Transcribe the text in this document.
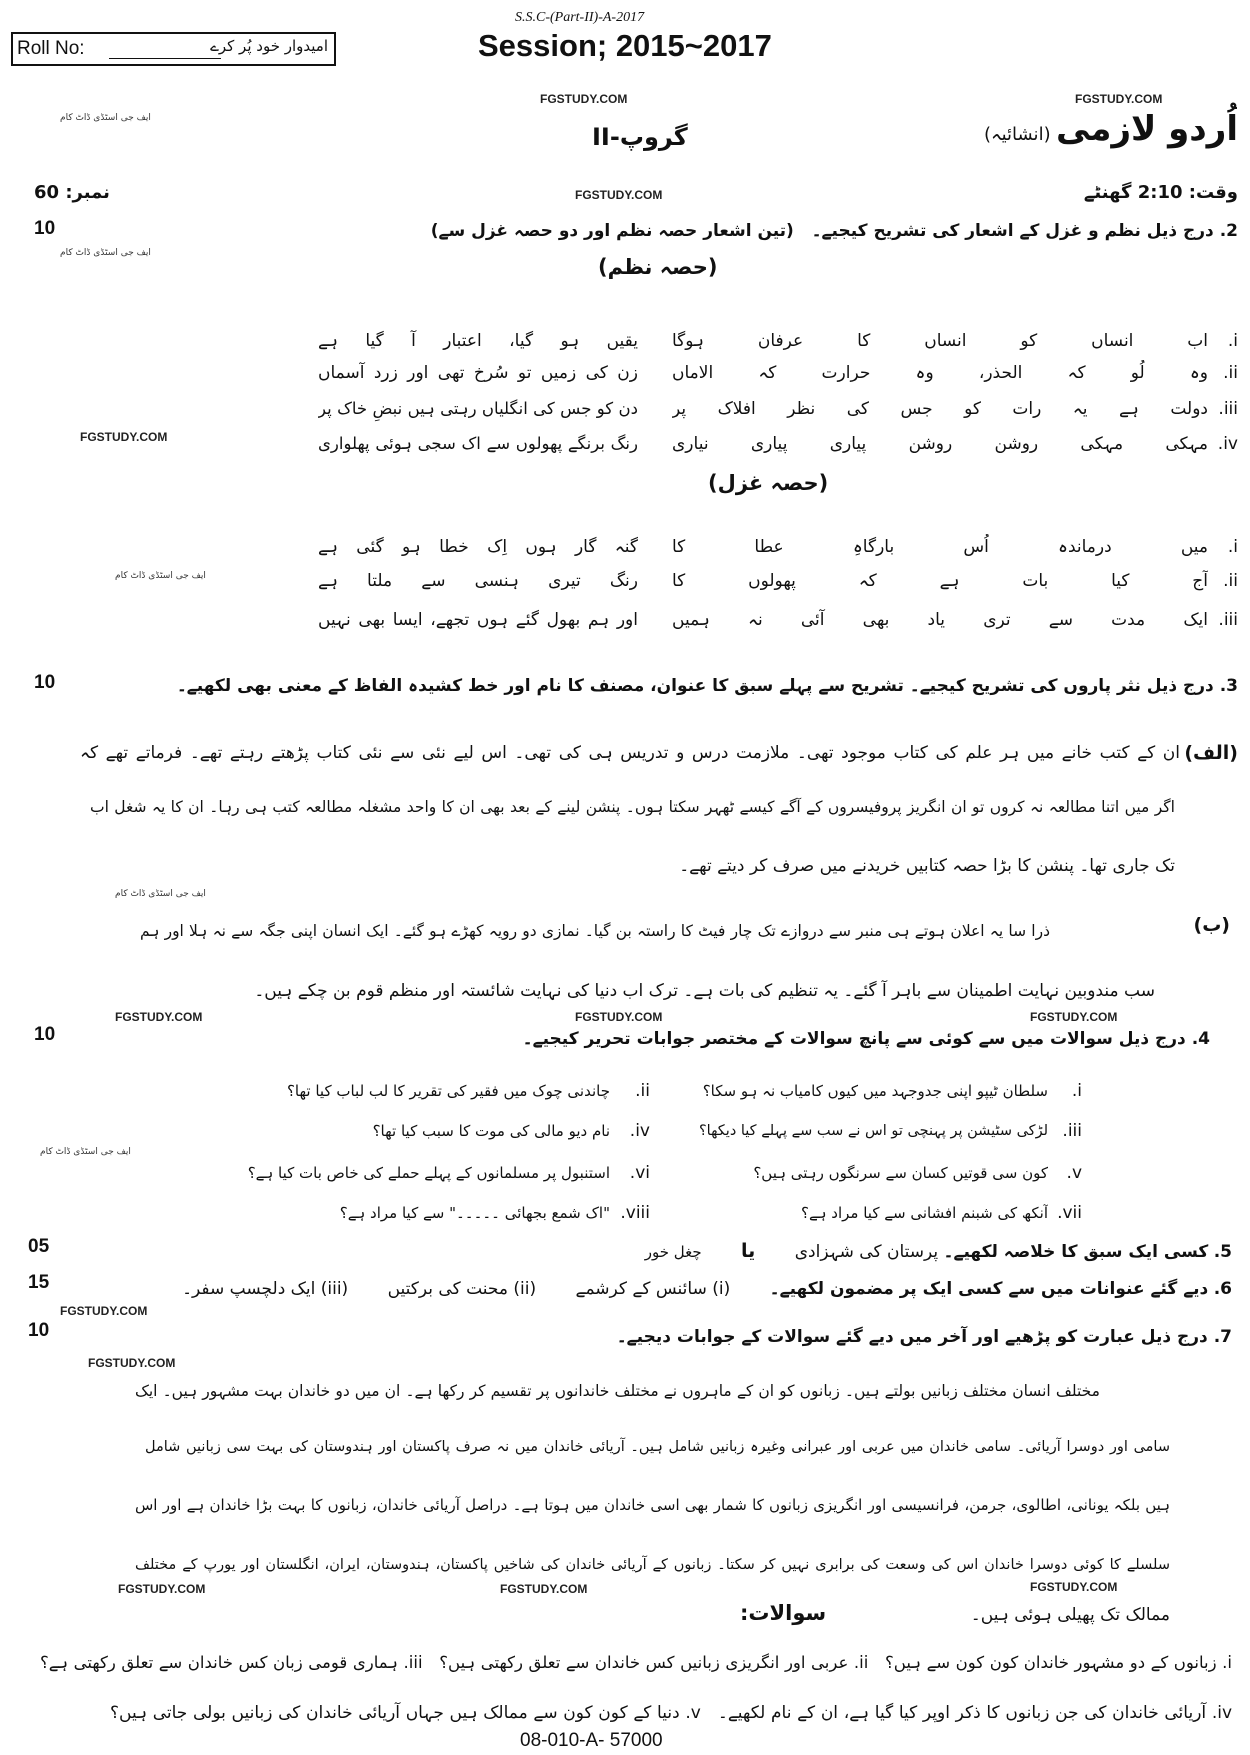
S.S.C-(Part-II)-A-2017
Roll No:	امیدوار خود پُر کرے	Session; 2015~2017
FGSTUDY.COM	FGSTUDY.COM
ایف جی اسٹڈی ڈاٹ کام
گروپ-II	اُردو لازمی (انشائیہ)
نمبر: 60	FGSTUDY.COM	وقت: 2:10 گھنٹے
10	2. درج ذیل نظم و غزل کے اشعار کی تشریح کیجیے۔   (تین اشعار حصہ نظم اور دو حصہ غزل سے)
ایف جی اسٹڈی ڈاٹ کام
(حصہ نظم)
i.
اب انساں کو انساں کا عرفان ہوگا
یقیں ہو گیا، اعتبار آ گیا ہے
ii.
وہ لُو کہ الحذر، وہ حرارت کہ الاماں
زن کی زمیں تو سُرخ تھی اور زرد آسماں
iii.
دولت ہے یہ رات کو جس کی نظر افلاک پر
دن کو جس کی انگلیاں رہتی ہیں نبضِ خاک پر
iv.
مہکی مہکی روشن روشن پیاری پیاری نیاری
رنگ برنگے پھولوں سے اک سجی ہوئی پھلواری
FGSTUDY.COM
(حصہ غزل)
i.
میں درماندہ اُس بارگاہِ عطا کا
گنہ گار ہوں اِک خطا ہو گئی ہے
ii.
آج کیا بات ہے کہ پھولوں کا
رنگ تیری ہنسی سے ملتا ہے
iii.
ایک مدت سے تری یاد بھی آئی نہ ہمیں
اور ہم بھول گئے ہوں تجھے، ایسا بھی نہیں
ایف جی اسٹڈی ڈاٹ کام
10	3. درج ذیل نثر پاروں کی تشریح کیجیے۔ تشریح سے پہلے سبق کا عنوان، مصنف کا نام اور خط کشیدہ الفاظ کے معنی بھی لکھیے۔
(الف)
ان کے کتب خانے میں ہر علم کی کتاب موجود تھی۔ ملازمت درس و تدریس ہی کی تھی۔ اس لیے نئی سے نئی کتاب پڑھتے رہتے تھے۔ فرماتے تھے کہ
اگر میں اتنا مطالعہ نہ کروں تو ان انگریز پروفیسروں کے آگے کیسے ٹھہر سکتا ہوں۔ پنشن لینے کے بعد بھی ان کا واحد مشغلہ مطالعہ کتب ہی رہا۔ ان کا یہ شغل اب
تک جاری تھا۔ پنشن کا بڑا حصہ کتابیں خریدنے میں صرف کر دیتے تھے۔
ایف جی اسٹڈی ڈاٹ کام
(ب)
ذرا سا یہ اعلان ہوتے ہی منبر سے دروازے تک چار فیٹ کا راستہ بن گیا۔ نمازی دو رویہ کھڑے ہو گئے۔ ایک انسان اپنی جگہ سے نہ ہلا اور ہم
سب مندوبین نہایت اطمینان سے باہر آ گئے۔ یہ تنظیم کی بات ہے۔ ترک اب دنیا کی نہایت شائستہ اور منظم قوم بن چکے ہیں۔
FGSTUDY.COM	FGSTUDY.COM	FGSTUDY.COM
10	4. درج ذیل سوالات میں سے کوئی سے پانچ سوالات کے مختصر جوابات تحریر کیجیے۔
i.
سلطان ٹیپو اپنی جدوجہد میں کیوں کامیاب نہ ہو سکا؟
ii.
چاندنی چوک میں فقیر کی تقریر کا لب لباب کیا تھا؟
iii.
لڑکی سٹیشن پر پہنچی تو اس نے سب سے پہلے کیا دیکھا؟
iv.
نام دیو مالی کی موت کا سبب کیا تھا؟
v.
کون سی قوتیں کسان سے سرنگوں رہتی ہیں؟
vi.
استنبول پر مسلمانوں کے پہلے حملے کی خاص بات کیا ہے؟
vii.
آنکھ کی شبنم افشانی سے کیا مراد ہے؟
viii.
"اک شمع بجھائی ۔۔۔۔۔" سے کیا مراد ہے؟
ایف جی اسٹڈی ڈاٹ کام
05	5. کسی ایک سبق کا خلاصہ لکھیے۔ پرستان کی شہزادی یا چغل خور
15
FGSTUDY.COM
6. دیے گئے عنوانات میں سے کسی ایک پر مضمون لکھیے۔ (i) سائنس کے کرشمے (ii) محنت کی برکتیں (iii) ایک دلچسپ سفر۔
10	7. درج ذیل عبارت کو پڑھیے اور آخر میں دیے گئے سوالات کے جوابات دیجیے۔
FGSTUDY.COM
مختلف انسان مختلف زبانیں بولتے ہیں۔ زبانوں کو ان کے ماہروں نے مختلف خاندانوں پر تقسیم کر رکھا ہے۔ ان میں دو خاندان بہت مشہور ہیں۔ ایک
سامی اور دوسرا آریائی۔ سامی خاندان میں عربی اور عبرانی وغیرہ زبانیں شامل ہیں۔ آریائی خاندان میں نہ صرف پاکستان اور ہندوستان کی بہت سی زبانیں شامل
ہیں بلکہ یونانی، اطالوی، جرمن، فرانسیسی اور انگریزی زبانوں کا شمار بھی اسی خاندان میں ہوتا ہے۔ دراصل آریائی خاندان، زبانوں کا بہت بڑا خاندان ہے اور اس
سلسلے کا کوئی دوسرا خاندان اس کی وسعت کی برابری نہیں کر سکتا۔ زبانوں کے آریائی خاندان کی شاخیں پاکستان، ہندوستان، ایران، انگلستان اور یورپ کے مختلف
FGSTUDY.COM	FGSTUDY.COM	FGSTUDY.COM
ممالک تک پھیلی ہوئی ہیں۔
سوالات:
i. زبانوں کے دو مشہور خاندان کون کون سے ہیں؟   ii. عربی اور انگریزی زبانیں کس خاندان سے تعلق رکھتی ہیں؟   iii. ہماری قومی زبان کس خاندان سے تعلق رکھتی ہے؟
iv. آریائی خاندان کی جن زبانوں کا ذکر اوپر کیا گیا ہے، ان کے نام لکھیے۔   v. دنیا کے کون کون سے ممالک ہیں جہاں آریائی خاندان کی زبانیں بولی جاتی ہیں؟
08-010-A- 57000
